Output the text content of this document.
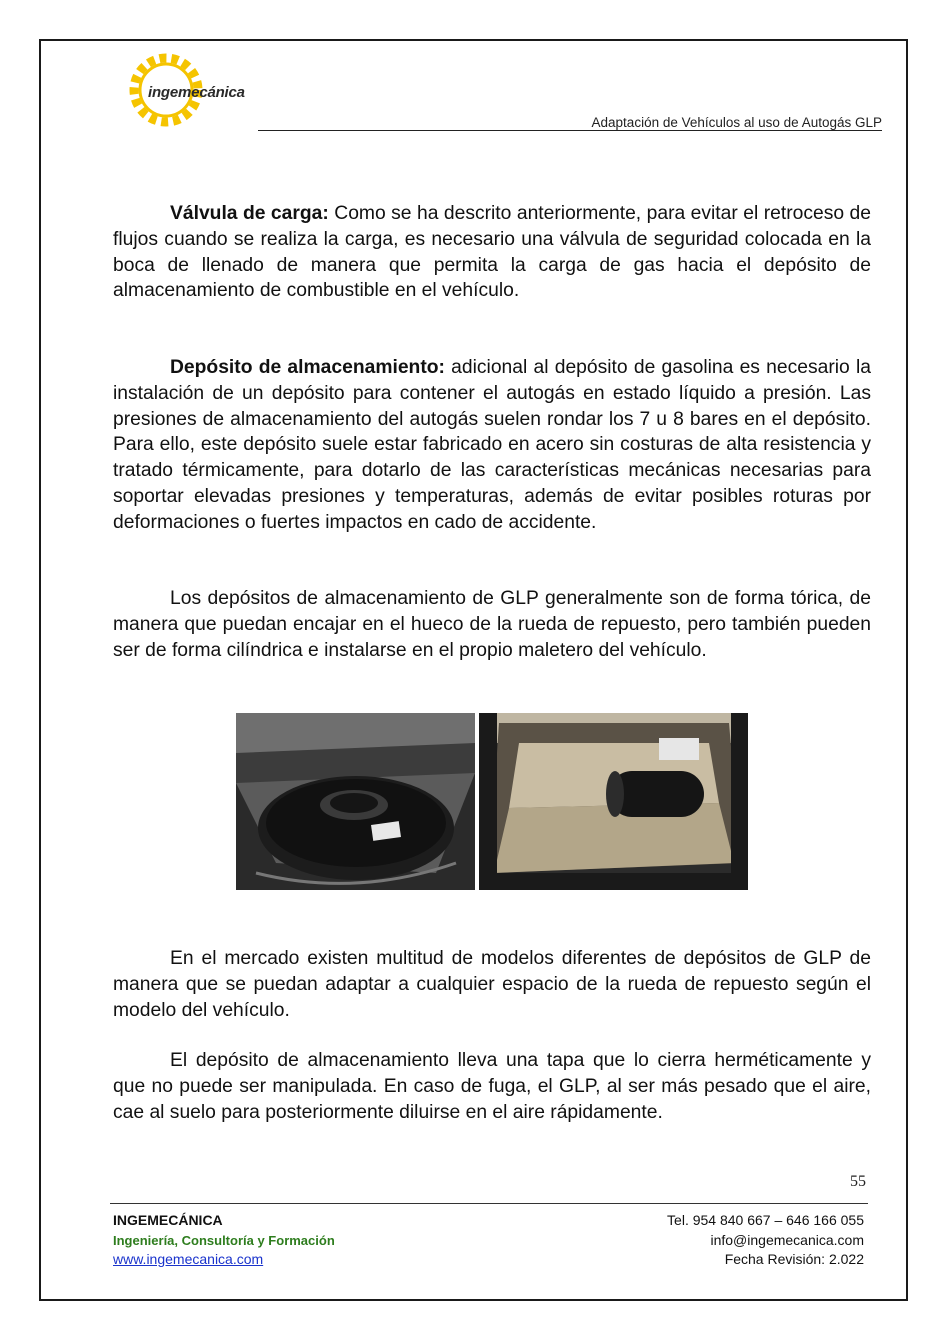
ingemecánica
Adaptación de Vehículos al uso de Autogás GLP

Válvula de carga: Como se ha descrito anteriormente, para evitar el retroceso de flujos cuando se realiza la carga, es necesario una válvula de seguridad colocada en la boca de llenado de manera que permita la carga de gas hacia el depósito de almacenamiento de combustible en el vehículo.

Depósito de almacenamiento: adicional al depósito de gasolina es necesario la instalación de un depósito para contener el autogás en estado líquido a presión. Las presiones de almacenamiento del autogás suelen rondar los 7 u 8 bares en el depósito. Para ello, este depósito suele estar fabricado en acero sin costuras de alta resistencia y tratado térmicamente, para dotarlo de las características mecánicas necesarias para soportar elevadas presiones y temperaturas, además de evitar posibles roturas por deformaciones o fuertes impactos en cado de accidente.

Los depósitos de almacenamiento de GLP generalmente son de forma tórica, de manera que puedan encajar en el hueco de la rueda de repuesto, pero también pueden ser de forma cilíndrica e instalarse en el propio maletero del vehículo.

En el mercado existen multitud de modelos diferentes de depósitos de GLP de manera que se puedan adaptar a cualquier espacio de la rueda de repuesto según el modelo del vehículo.

El depósito de almacenamiento lleva una tapa que lo cierra herméticamente y que no puede ser manipulada. En caso de fuga, el GLP, al ser más pesado que el aire, cae al suelo para posteriormente diluirse en el aire rápidamente.

55
INGEMECÁNICA
Ingeniería, Consultoría y Formación
www.ingemecanica.com
Tel. 954 840 667 – 646 166 055
info@ingemecanica.com
Fecha Revisión: 2.022
